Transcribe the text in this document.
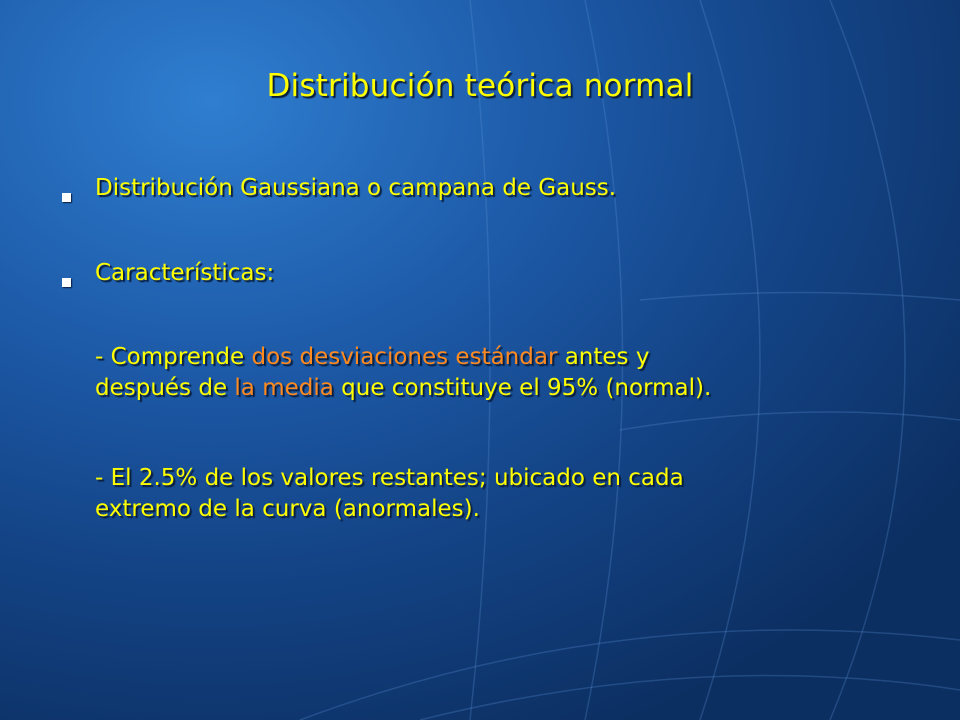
Distribución teórica normal
Distribución Gaussiana o campana de Gauss.
Características:
- Comprende dos desviaciones estándar antes y
después de la media que constituye el 95% (normal).
- El 2.5% de los valores restantes; ubicado en cada
extremo de la curva (anormales).
